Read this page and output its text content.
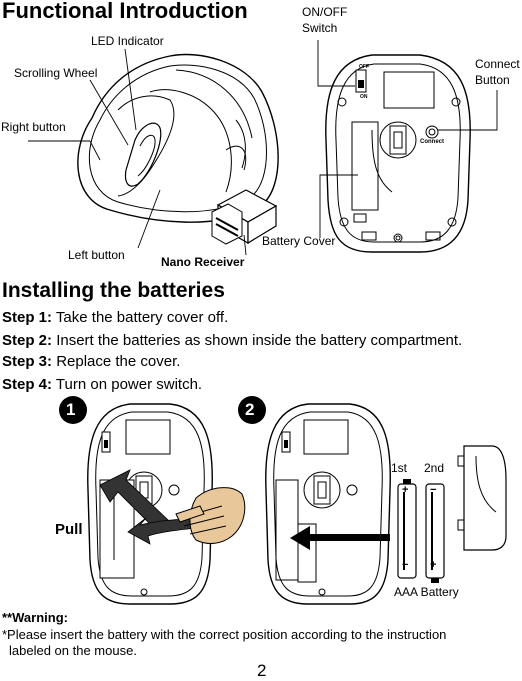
Functional Introduction
LED Indicator
Scrolling Wheel
Right button
Left button	Nano Receiver
OFF
ON
Connect
ON/OFF
Switch
Connect
Button
Battery Cover
Installing the batteries
Step 1: Take the battery cover off.
Step 2: Insert the batteries as shown inside the battery compartment.
Step 3: Replace the cover.
Step 4: Turn on power switch.
1	2
Pull
1st 2nd
+
−
−
+
AAA Battery
**Warning:
*Please insert the battery with the correct position according to the instruction
labeled on the mouse.
2
